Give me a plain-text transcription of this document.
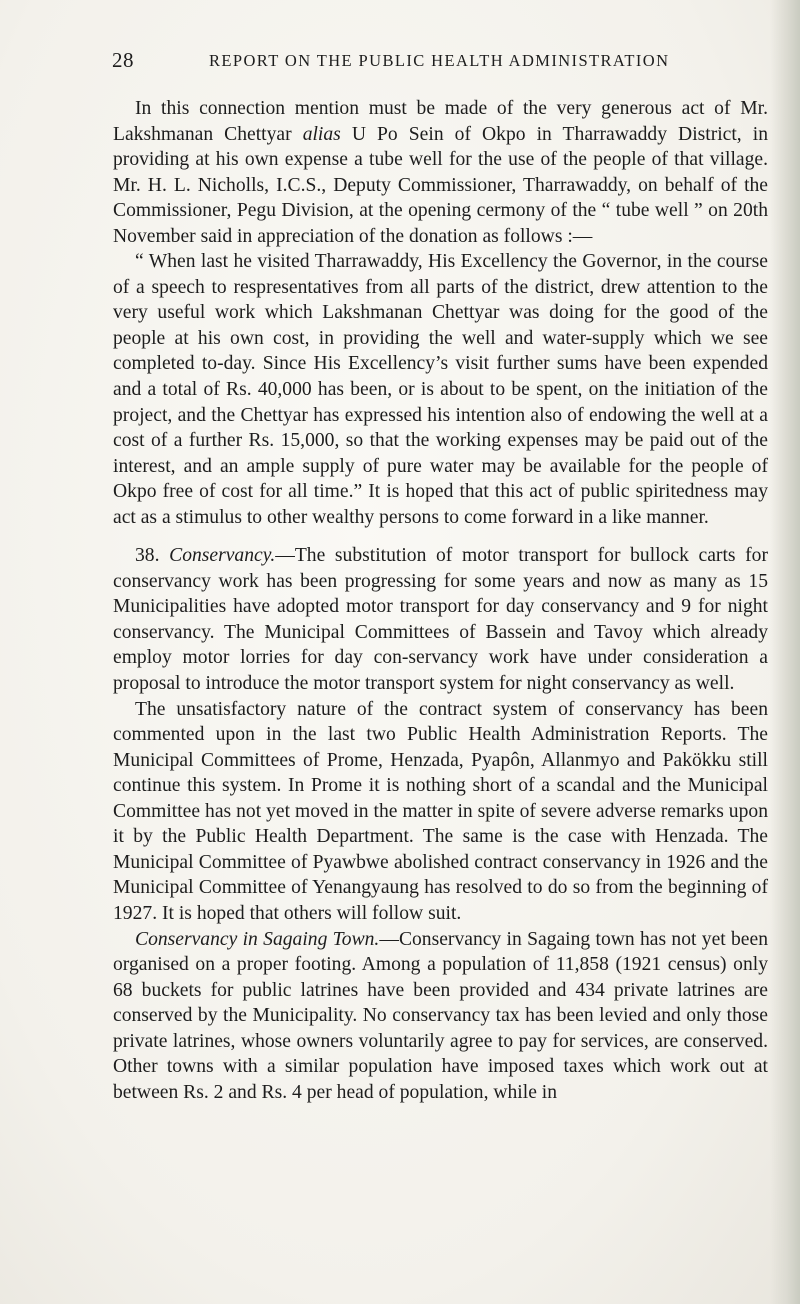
28	REPORT ON THE PUBLIC HEALTH ADMINISTRATION

In this connection mention must be made of the very generous act of Mr. Lakshmanan Chettyar alias U Po Sein of Okpo in Tharrawaddy District, in providing at his own expense a tube well for the use of the people of that village. Mr. H. L. Nicholls, I.C.S., Deputy Commissioner, Tharrawaddy, on behalf of the Commissioner, Pegu Division, at the opening cermony of the “ tube well ” on 20th November said in appreciation of the donation as follows :—

“ When last he visited Tharrawaddy, His Excellency the Governor, in the course of a speech to respresentatives from all parts of the district, drew attention to the very useful work which Lakshmanan Chettyar was doing for the good of the people at his own cost, in providing the well and water-supply which we see completed to-day. Since His Excellency’s visit further sums have been expended and a total of Rs. 40,000 has been, or is about to be spent, on the initiation of the project, and the Chettyar has expressed his intention also of endowing the well at a cost of a further Rs. 15,000, so that the working expenses may be paid out of the interest, and an ample supply of pure water may be available for the people of Okpo free of cost for all time.” It is hoped that this act of public spiritedness may act as a stimulus to other wealthy persons to come forward in a like manner.

38. Conservancy.—The substitution of motor transport for bullock carts for conservancy work has been progressing for some years and now as many as 15 Municipalities have adopted motor transport for day conservancy and 9 for night conservancy. The Municipal Committees of Bassein and Tavoy which already employ motor lorries for day con-servancy work have under consideration a proposal to introduce the motor transport system for night conservancy as well.

The unsatisfactory nature of the contract system of conservancy has been commented upon in the last two Public Health Administration Reports. The Municipal Committees of Prome, Henzada, Pyapôn, Allanmyo and Pakökku still continue this system. In Prome it is nothing short of a scandal and the Municipal Committee has not yet moved in the matter in spite of severe adverse remarks upon it by the Public Health Department. The same is the case with Henzada. The Municipal Committee of Pyawbwe abolished contract conservancy in 1926 and the Municipal Committee of Yenangyaung has resolved to do so from the beginning of 1927. It is hoped that others will follow suit.

Conservancy in Sagaing Town.—Conservancy in Sagaing town has not yet been organised on a proper footing. Among a population of 11,858 (1921 census) only 68 buckets for public latrines have been provided and 434 private latrines are conserved by the Municipality. No conservancy tax has been levied and only those private latrines, whose owners voluntarily agree to pay for services, are conserved. Other towns with a similar population have imposed taxes which work out at between Rs. 2 and Rs. 4 per head of population, while in
